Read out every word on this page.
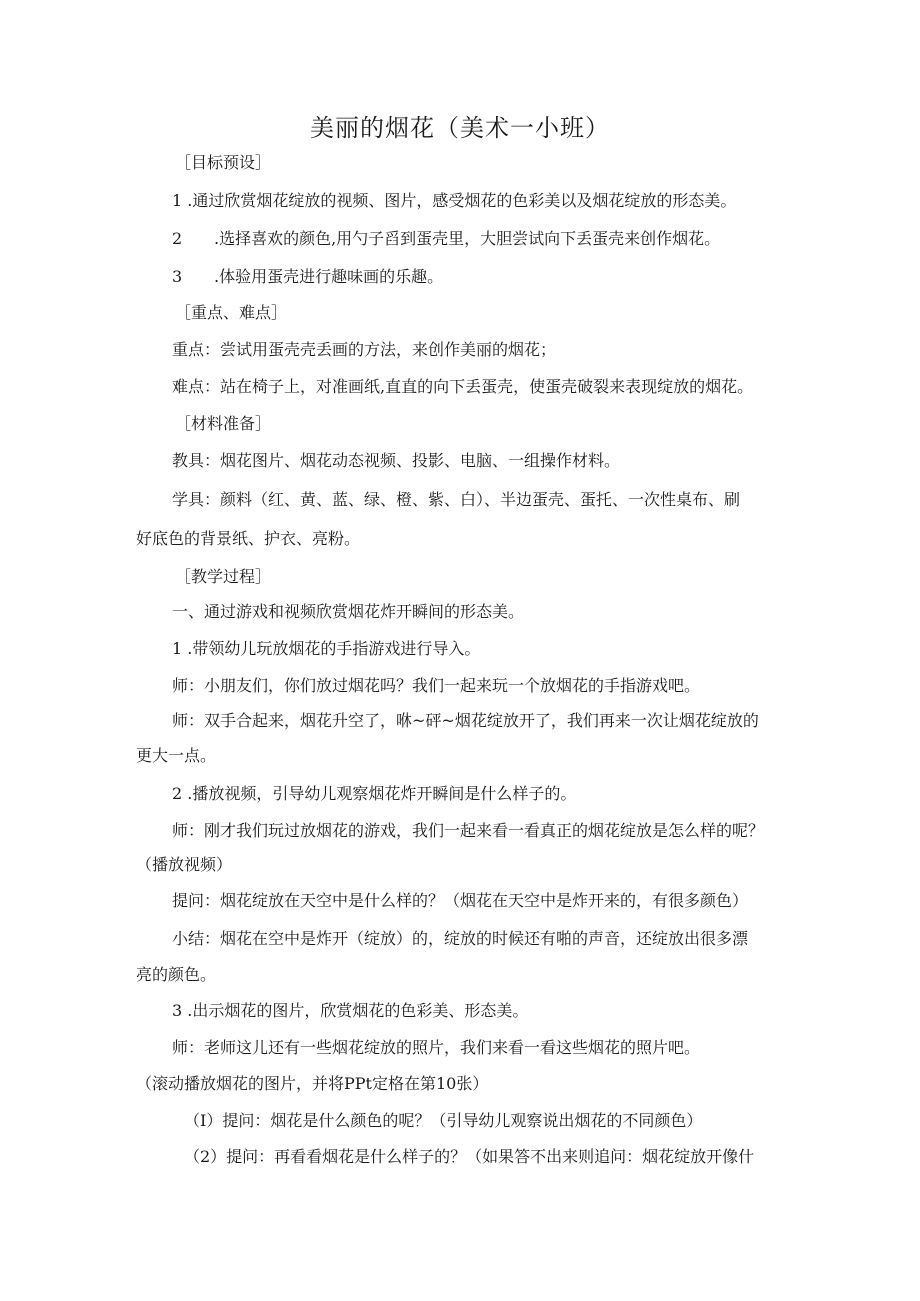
美丽的烟花（美术一小班）
［目标预设］
1 .通过欣赏烟花绽放的视频、图片，感受烟花的色彩美以及烟花绽放的形态美。
2 .选择喜欢的颜色,用勺子舀到蛋壳里，大胆尝试向下丢蛋壳来创作烟花。
3 .体验用蛋壳进行趣味画的乐趣。
［重点、难点］
重点：尝试用蛋壳壳丢画的方法，来创作美丽的烟花；
难点：站在椅子上，对准画纸,直直的向下丢蛋壳，使蛋壳破裂来表现绽放的烟花。
［材料准备］
教具：烟花图片、烟花动态视频、投影、电脑、一组操作材料。
学具：颜料（红、黄、蓝、绿、橙、紫、白）、半边蛋壳、蛋托、一次性桌布、刷
好底色的背景纸、护衣、亮粉。
［教学过程］
一、通过游戏和视频欣赏烟花炸开瞬间的形态美。
1 .带领幼儿玩放烟花的手指游戏进行导入。
师：小朋友们，你们放过烟花吗？我们一起来玩一个放烟花的手指游戏吧。
师：双手合起来，烟花升空了，咻~砰~烟花绽放开了，我们再来一次让烟花绽放的
更大一点。
2 .播放视频，引导幼儿观察烟花炸开瞬间是什么样子的。
师：刚才我们玩过放烟花的游戏，我们一起来看一看真正的烟花绽放是怎么样的呢？
（播放视频）
提问：烟花绽放在天空中是什么样的？（烟花在天空中是炸开来的，有很多颜色）
小结：烟花在空中是炸开（绽放）的，绽放的时候还有啪的声音，还绽放出很多漂
亮的颜色。
3 .出示烟花的图片，欣赏烟花的色彩美、形态美。
师：老师这儿还有一些烟花绽放的照片，我们来看一看这些烟花的照片吧。
（滚动播放烟花的图片，并将PPt定格在第10张）
（I）提问：烟花是什么颜色的呢？（引导幼儿观察说出烟花的不同颜色）
（2）提问：再看看烟花是什么样子的？（如果答不出来则追问：烟花绽放开像什
